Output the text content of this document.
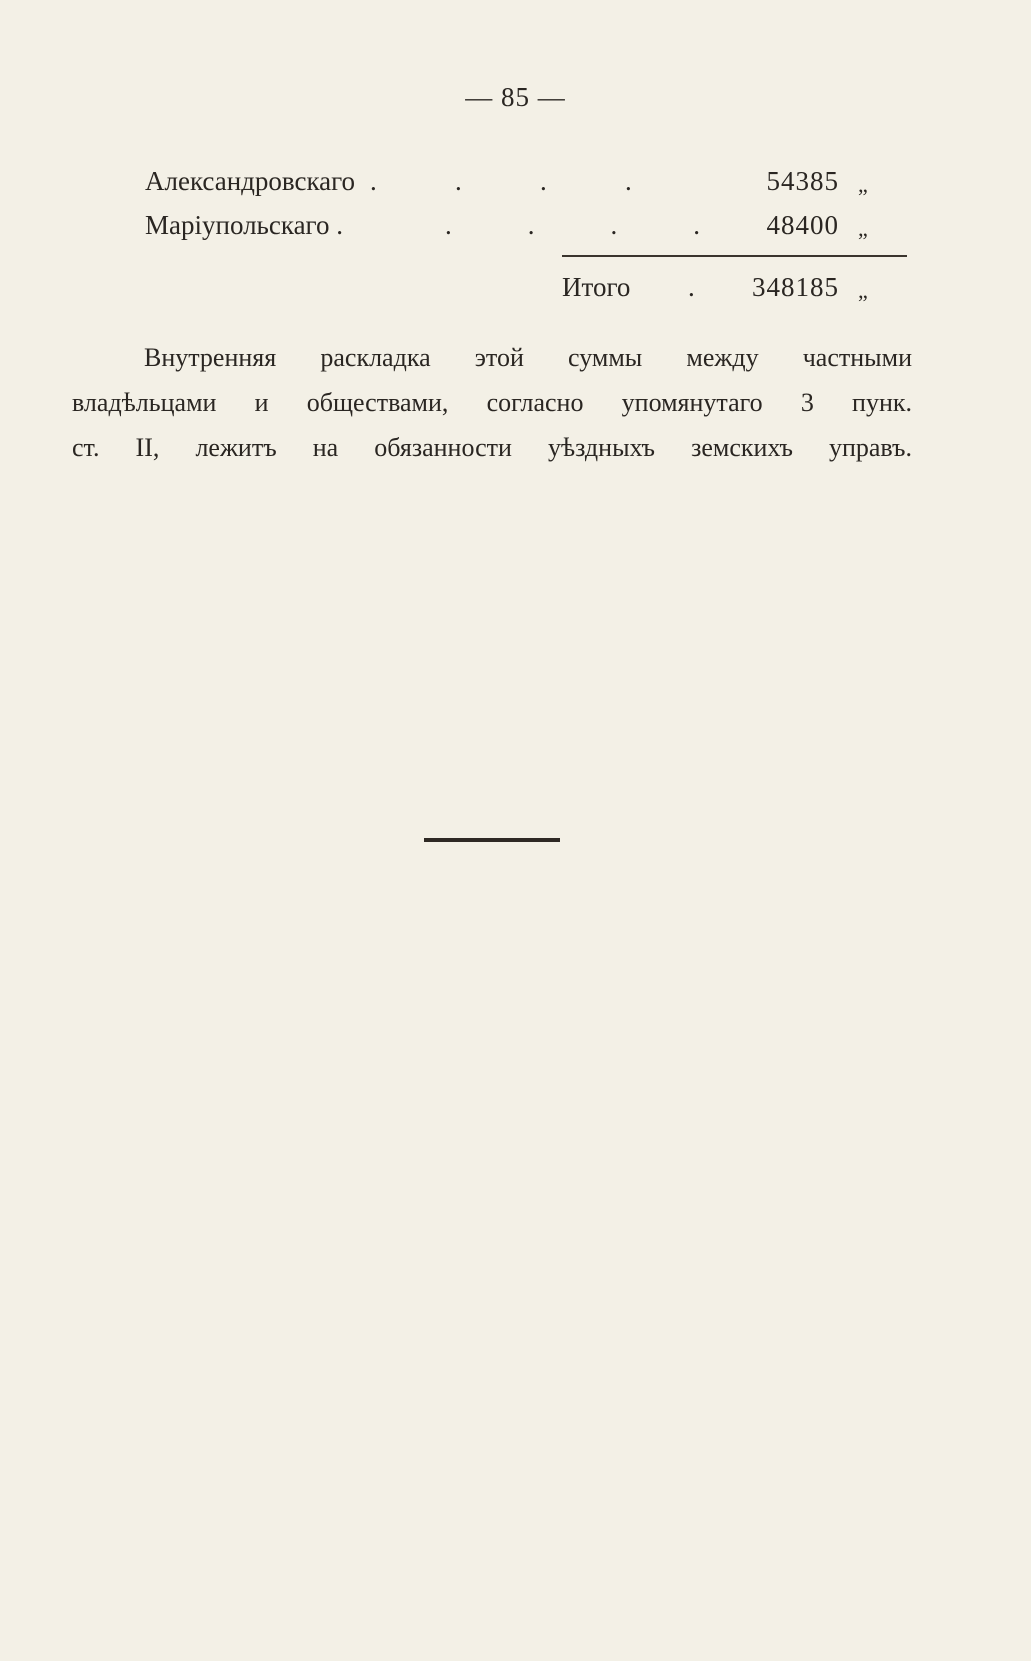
— 85 —
Александровскаго .	.	.	.	54385 „
Маріупольскаго .	.	.	.	. 48400 „
Итого . 348185 „
Внутренняя раскладка этой суммы между частными
владѣльцами и обществами, согласно упомянутаго 3 пунк.
ст. II, лежитъ на обязанности уѣздныхъ земскихъ управъ.
